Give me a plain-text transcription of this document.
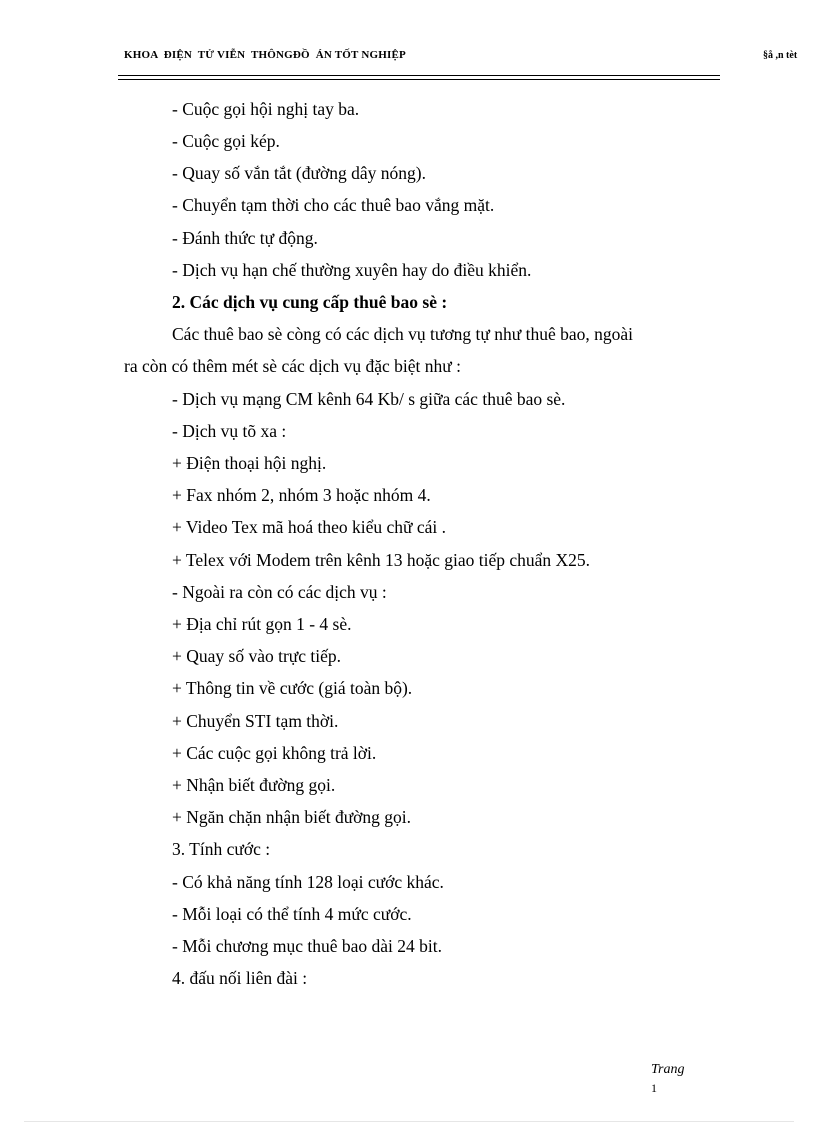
KHOA  ĐIỆN  TỬ VIỄN  THÔNGĐỒ  ÁN TỐT NGHIỆP	§å ,n tèt
- Cuộc gọi hội nghị tay ba.
- Cuộc gọi kép.
- Quay số vắn tắt (đường dây nóng).
- Chuyển tạm thời cho các thuê bao vắng mặt.
- Đánh thức tự động.
- Dịch vụ hạn chế thường xuyên hay do điều khiển.
2. Các dịch vụ cung cấp thuê bao sè :
Các thuê bao sè còng có các dịch vụ tương tự như thuê bao, ngoài
ra còn có thêm mét sè các dịch vụ đặc biệt như :
- Dịch vụ mạng CM kênh 64 Kb/ s giữa các thuê bao sè.
- Dịch vụ tõ xa :
+ Điện thoại hội nghị.
+ Fax nhóm 2, nhóm 3 hoặc nhóm 4.
+ Video Tex mã hoá theo kiểu chữ cái .
+ Telex với Modem trên kênh 13 hoặc giao tiếp chuẩn X25.
- Ngoài ra còn có các dịch vụ :
+ Địa chỉ rút gọn 1 - 4 sè.
+ Quay số vào trực tiếp.
+ Thông tin về cước (giá toàn bộ).
+ Chuyển STI tạm thời.
+ Các cuộc gọi không trả lời.
+ Nhận biết đường gọi.
+ Ngăn chặn nhận biết đường gọi.
3. Tính cước :
- Có khả năng tính 128 loại cước khác.
- Mỗi loại có thể tính 4 mức cước.
- Mỗi chương mục thuê bao dài 24 bit.
4. đấu nối liên đài :
Trang
1
